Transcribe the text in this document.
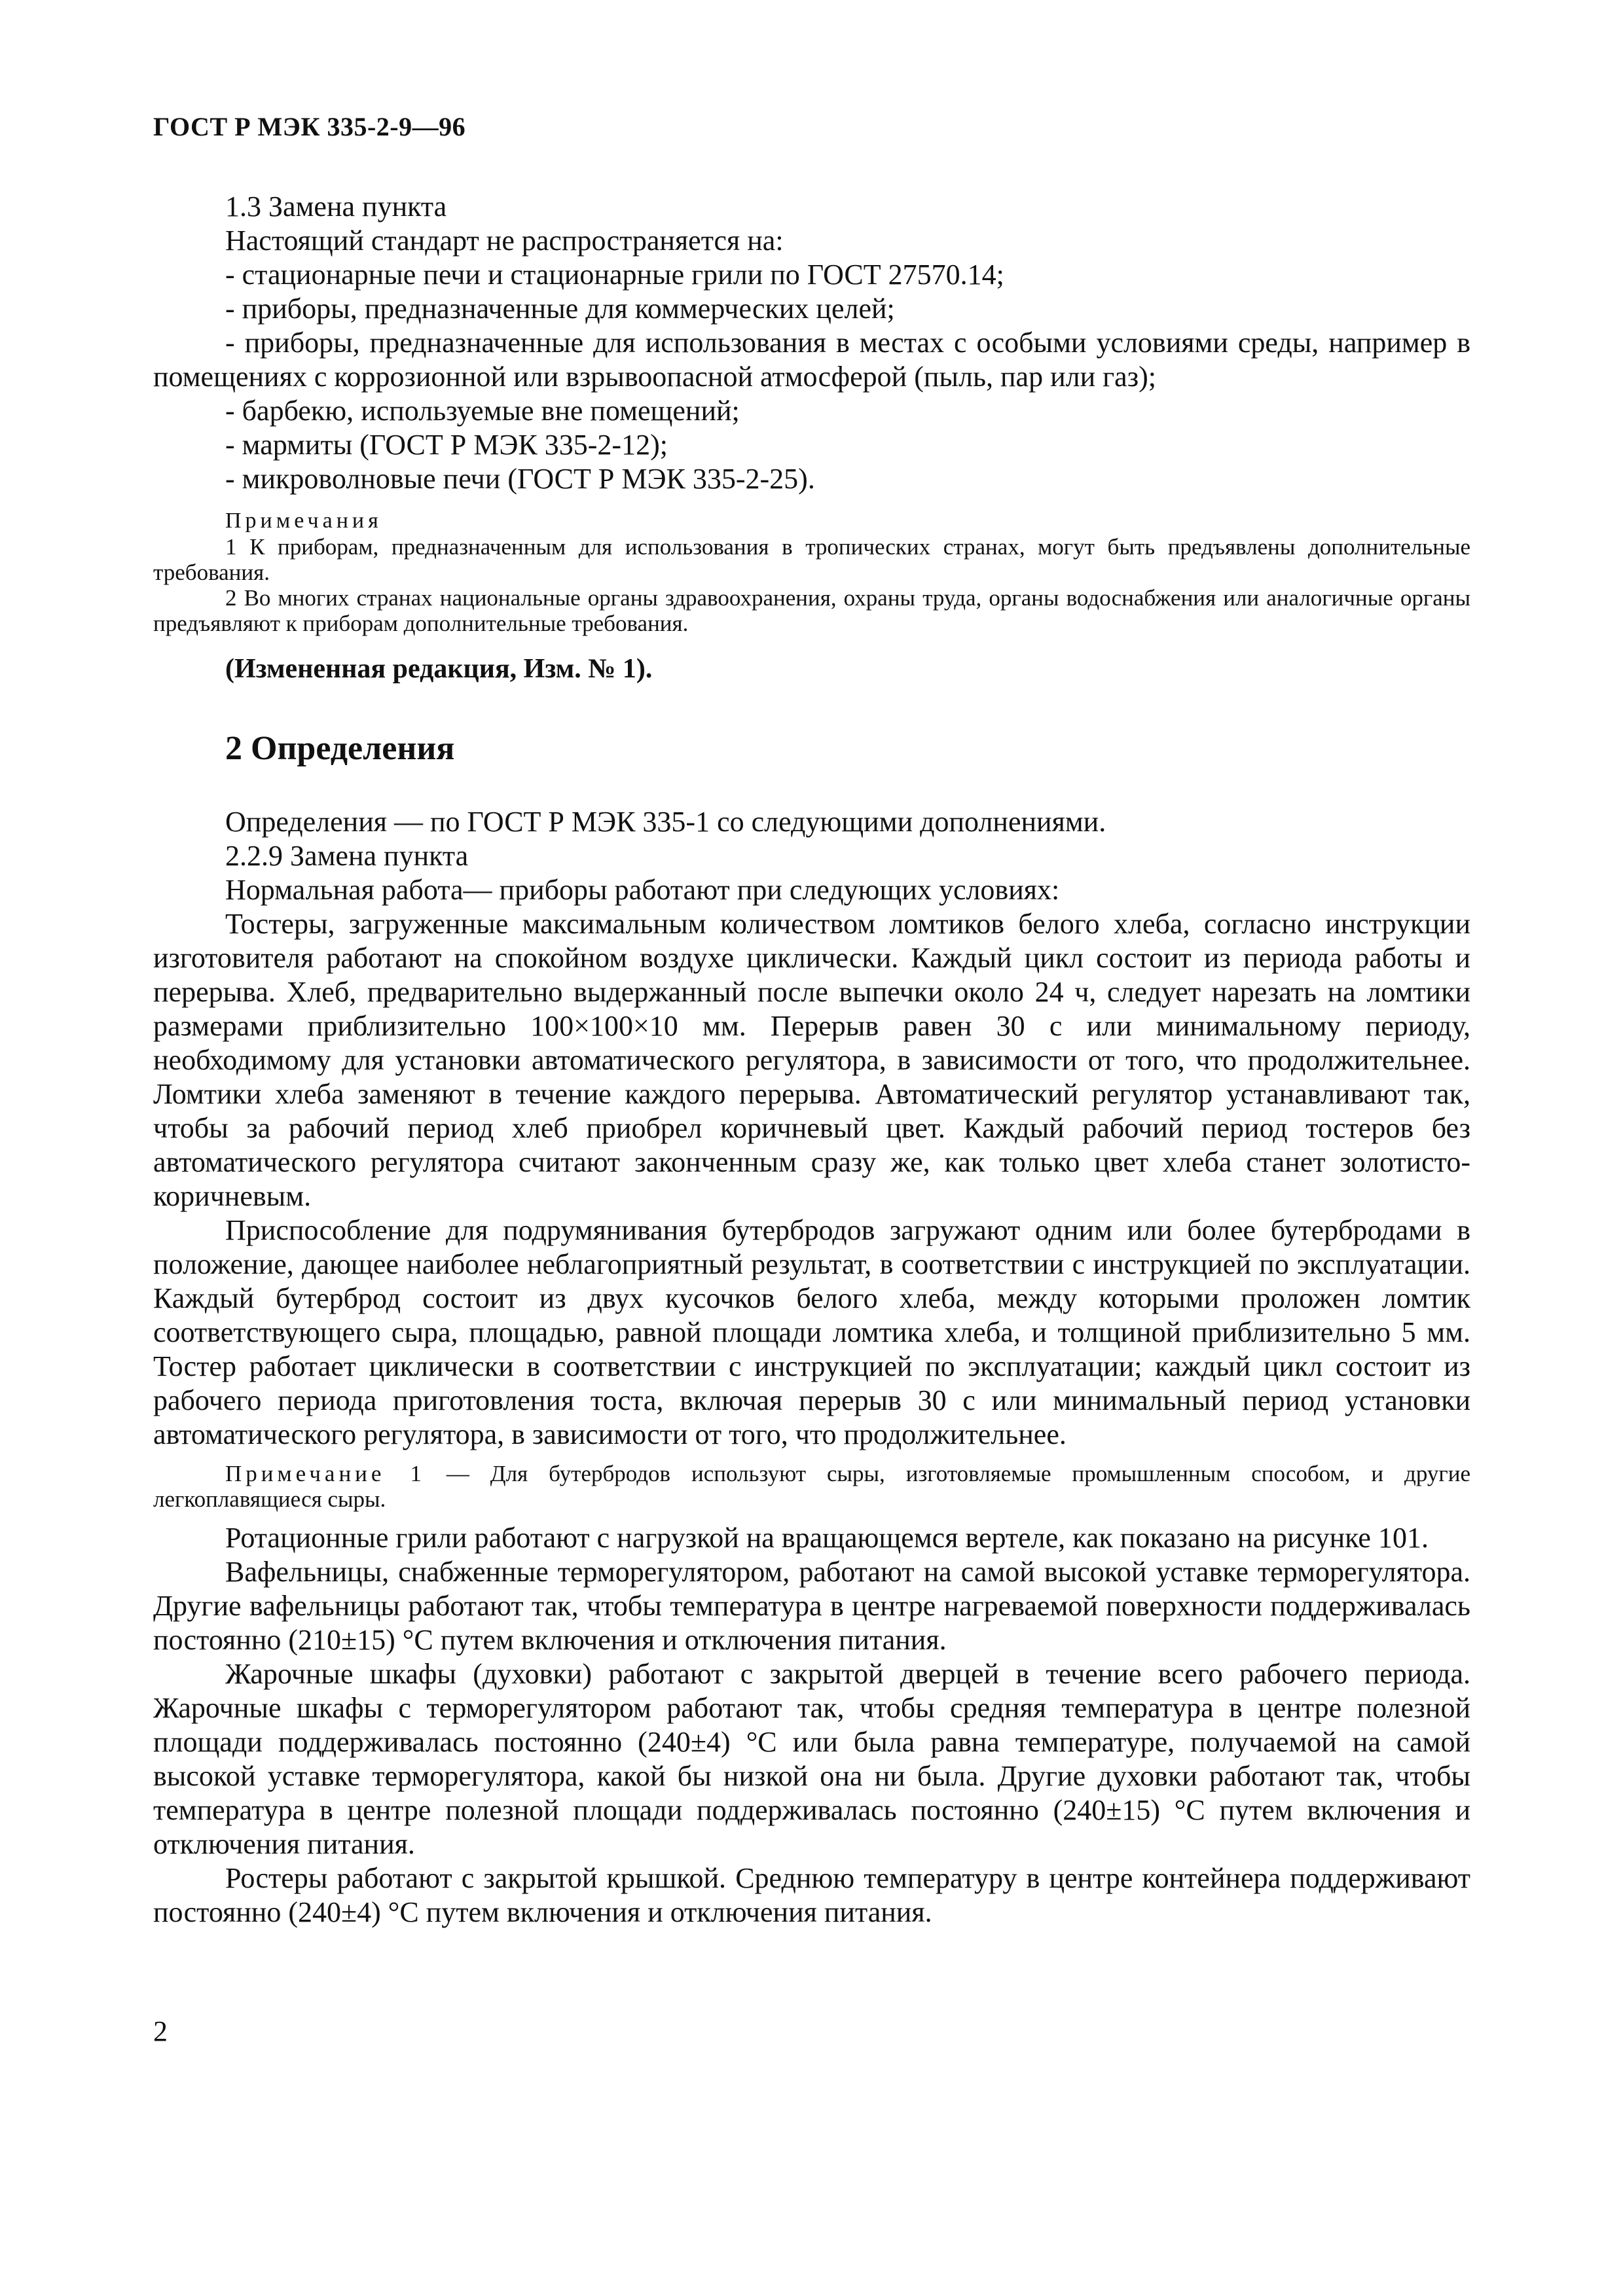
ГОСТ Р МЭК 335-2-9—96

1.3 Замена пункта

Настоящий стандарт не распространяется на:

- стационарные печи и стационарные грили по ГОСТ 27570.14;

- приборы, предназначенные для коммерческих целей;

- приборы, предназначенные для использования в местах с особыми условиями среды, например в помещениях с коррозионной или взрывоопасной атмосферой (пыль, пар или газ);

- барбекю, используемые вне помещений;

- мармиты (ГОСТ Р МЭК 335-2-12);

- микроволновые печи (ГОСТ Р МЭК 335-2-25).

Примечания

1 К приборам, предназначенным для использования в тропических странах, могут быть предъявлены дополнительные требования.

2 Во многих странах национальные органы здравоохранения, охраны труда, органы водоснабжения или аналогичные органы предъявляют к приборам дополнительные требования.

(Измененная редакция, Изм. № 1).

2 Определения

Определения — по ГОСТ Р МЭК 335-1 со следующими дополнениями.

2.2.9 Замена пункта

Нормальная работа— приборы работают при следующих условиях:

Тостеры, загруженные максимальным количеством ломтиков белого хлеба, согласно инструкции изготовителя работают на спокойном воздухе циклически. Каждый цикл состоит из периода работы и перерыва. Хлеб, предварительно выдержанный после выпечки около 24 ч, следует нарезать на ломтики размерами приблизительно 100×100×10 мм. Перерыв равен 30 с или минимальному периоду, необходимому для установки автоматического регулятора, в зависимости от того, что продолжительнее. Ломтики хлеба заменяют в течение каждого перерыва. Автоматический регулятор устанавливают так, чтобы за рабочий период хлеб приобрел коричневый цвет. Каждый рабочий период тостеров без автоматического регулятора считают законченным сразу же, как только цвет хлеба станет золотисто-коричневым.

Приспособление для подрумянивания бутербродов загружают одним или более бутербродами в положение, дающее наиболее неблагоприятный результат, в соответствии с инструкцией по эксплуатации. Каждый бутерброд состоит из двух кусочков белого хлеба, между которыми проложен ломтик соответствующего сыра, площадью, равной площади ломтика хлеба, и толщиной приблизительно 5 мм. Тостер работает циклически в соответствии с инструкцией по эксплуатации; каждый цикл состоит из рабочего периода приготовления тоста, включая перерыв 30 с или минимальный период установки автоматического регулятора, в зависимости от того, что продолжительнее.

Примечание 1 — Для бутербродов используют сыры, изготовляемые промышленным способом, и другие легкоплавящиеся сыры.

Ротационные грили работают с нагрузкой на вращающемся вертеле, как показано на рисунке 101.

Вафельницы, снабженные терморегулятором, работают на самой высокой уставке терморегулятора. Другие вафельницы работают так, чтобы температура в центре нагреваемой поверхности поддерживалась постоянно (210±15) °С путем включения и отключения питания.

Жарочные шкафы (духовки) работают с закрытой дверцей в течение всего рабочего периода. Жарочные шкафы с терморегулятором работают так, чтобы средняя температура в центре полезной площади поддерживалась постоянно (240±4) °С или была равна температуре, получаемой на самой высокой уставке терморегулятора, какой бы низкой она ни была. Другие духовки работают так, чтобы температура в центре полезной площади поддерживалась постоянно (240±15) °С путем включения и отключения питания.

Ростеры работают с закрытой крышкой. Среднюю температуру в центре контейнера поддерживают постоянно (240±4) °С путем включения и отключения питания.

2
